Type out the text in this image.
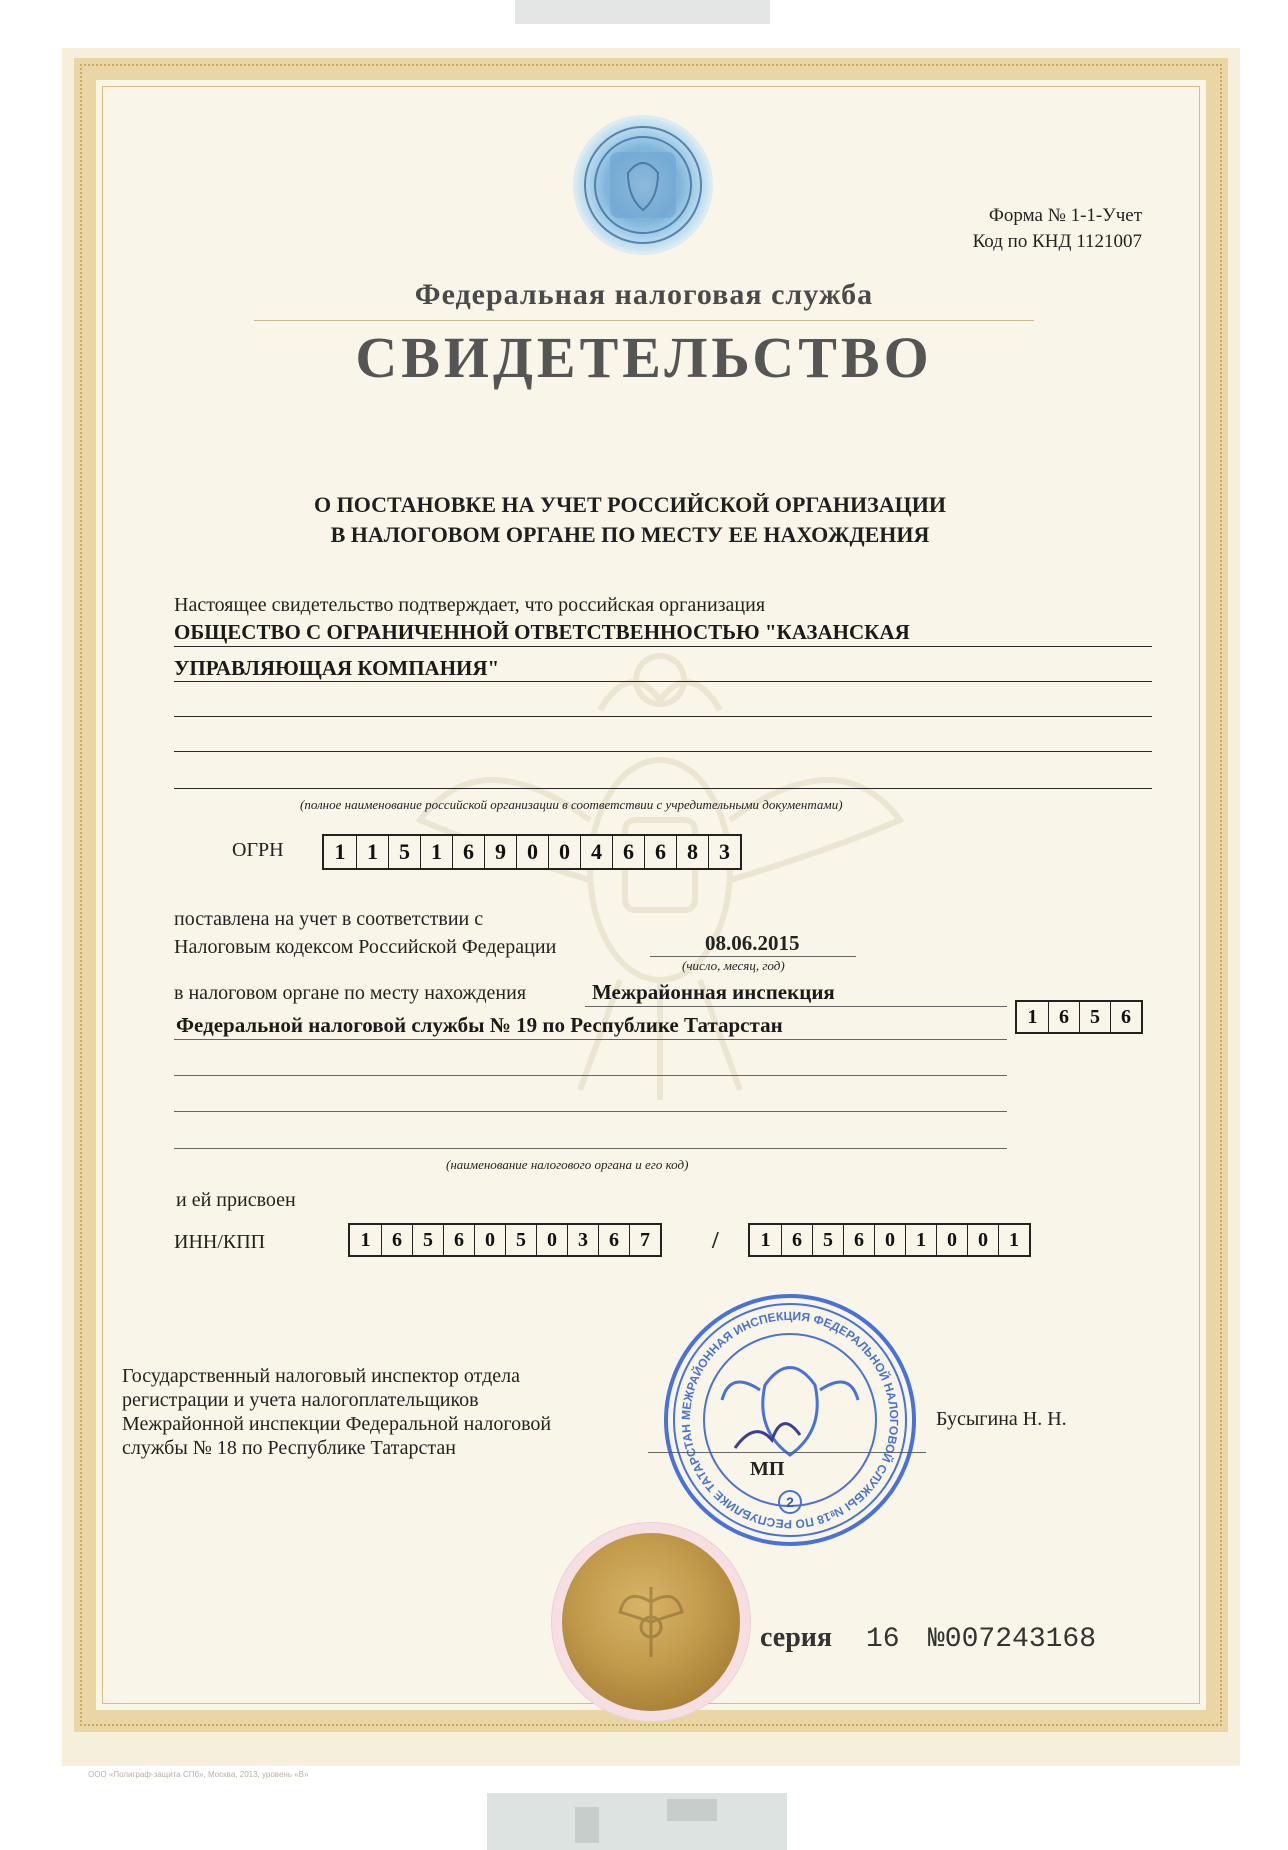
Форма № 1-1-Учет
Код по КНД 1121007
Федеральная налоговая служба
СВИДЕТЕЛЬСТВО
О ПОСТАНОВКЕ НА УЧЕТ РОССИЙСКОЙ ОРГАНИЗАЦИИ
В НАЛОГОВОМ ОРГАНЕ ПО МЕСТУ ЕЕ НАХОЖДЕНИЯ
Настоящее свидетельство подтверждает, что российская организация
ОБЩЕСТВО С ОГРАНИЧЕННОЙ ОТВЕТСТВЕННОСТЬЮ "КАЗАНСКАЯ
УПРАВЛЯЮЩАЯ КОМПАНИЯ"
(полное наименование российской организации в соответствии с учредительными документами)
ОГРН	1 1 5 1 6 9 0 0 4 6 6 8 3
поставлена на учет в соответствии с
Налоговым кодексом Российской Федерации	08.06.2015
(число, месяц, год)
в налоговом органе по месту нахождения	Межрайонная инспекция
Федеральной налоговой службы № 19 по Республике Татарстан	1	6	5	6
(наименование налогового органа и его код)
и ей присвоен
ИНН/КПП	1	6	5	6	0	5	0	3	6	7	/	1	6	5	6	0	1	0	0	1
Государственный налоговый инспектор отдела
регистрации и учета налогоплательщиков
Межрайонной инспекции Федеральной налоговой
службы № 18 по Республике Татарстан
МП
Бусыгина Н. Н.
МЕЖРАЙОННАЯ ИНСПЕКЦИЯ ФЕДЕРАЛЬНОЙ НАЛОГОВОЙ СЛУЖБЫ №18 ПО РЕСПУБЛИКЕ ТАТАРСТАН
2
серия 16 №007243168
ООО «Полиграф-защита СПб», Москва, 2013, уровень «В»
